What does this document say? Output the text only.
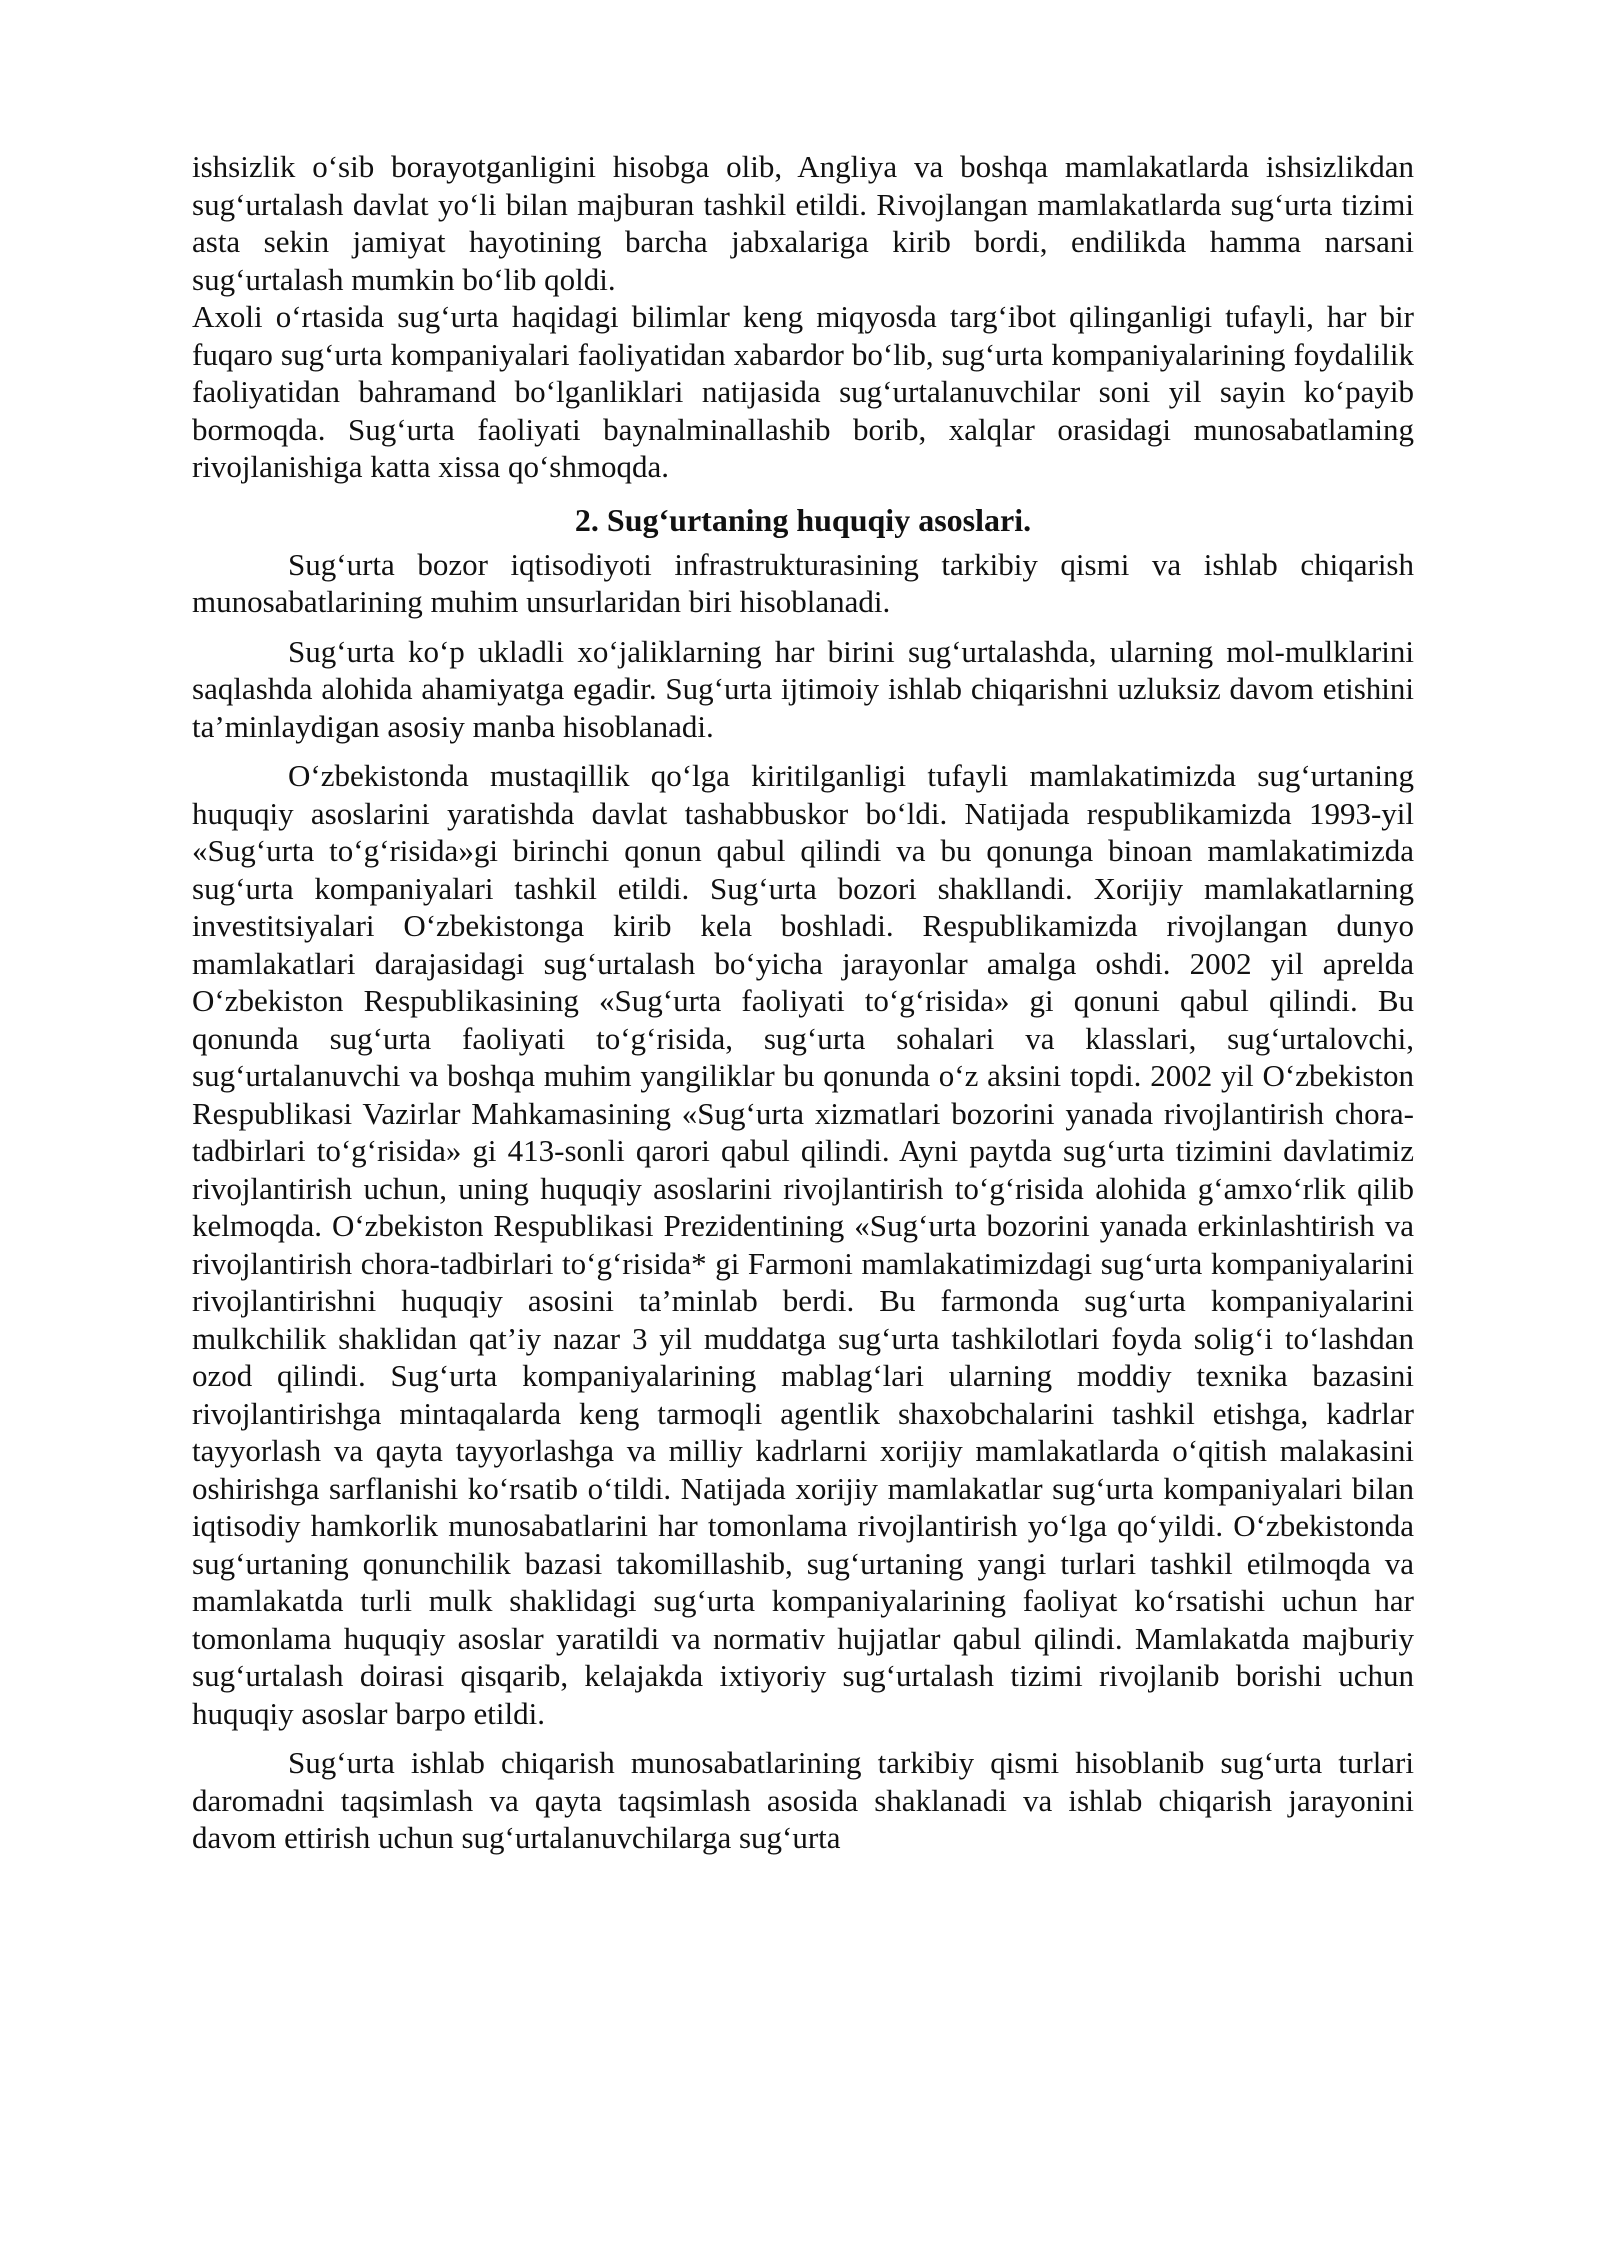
ishsizlik o‘sib borayotganligini hisobga olib, Angliya va boshqa mamlakatlarda ishsizlikdan sug‘urtalash davlat yo‘li bilan majburan tashkil etildi. Rivojlangan mamlakatlarda sug‘urta tizimi asta sekin jamiyat hayotining barcha jabxalariga kirib bordi, endilikda hamma narsani sug‘urtalash mumkin bo‘lib qoldi.

Axoli o‘rtasida sug‘urta haqidagi bilimlar keng miqyosda targ‘ibot qilinganligi tufayli, har bir fuqaro sug‘urta kompaniyalari faoliyatidan xabardor bo‘lib, sug‘urta kompaniyalarining foydalilik faoliyatidan bahramand bo‘lganliklari natijasida sug‘urtalanuvchilar soni yil sayin ko‘payib bormoqda. Sug‘urta faoliyati baynalminallashib borib, xalqlar orasidagi munosabatlaming rivojlanishiga katta xissa qo‘shmoqda.

2. Sug‘urtaning huquqiy asoslari.

Sug‘urta bozor iqtisodiyoti infrastrukturasining tarkibiy qismi va ishlab chiqarish munosabatlarining muhim unsurlaridan biri hisoblanadi.

Sug‘urta ko‘p ukladli xo‘jaliklarning har birini sug‘urtalashda, ularning mol-mulklarini saqlashda alohida ahamiyatga egadir. Sug‘urta ijtimoiy ishlab chiqarishni uzluksiz davom etishini ta’minlaydigan asosiy manba hisoblanadi.

O‘zbekistonda mustaqillik qo‘lga kiritilganligi tufayli mamlakatimizda sug‘urtaning huquqiy asoslarini yaratishda davlat tashabbuskor bo‘ldi. Natijada respublikamizda 1993-yil «Sug‘urta to‘g‘risida»gi birinchi qonun qabul qilindi va bu qonunga binoan mamlakatimizda sug‘urta kompaniyalari tashkil etildi. Sug‘urta bozori shakllandi. Xorijiy mamlakatlarning investitsiyalari O‘zbekistonga kirib kela boshladi. Respublikamizda rivojlangan dunyo mamlakatlari darajasidagi sug‘urtalash bo‘yicha jarayonlar amalga oshdi. 2002 yil aprelda O‘zbekiston Respublikasining «Sug‘urta faoliyati to‘g‘risida» gi qonuni qabul qilindi. Bu qonunda sug‘urta faoliyati to‘g‘risida, sug‘urta sohalari va klasslari, sug‘urtalovchi, sug‘urtalanuvchi va boshqa muhim yangiliklar bu qonunda o‘z aksini topdi. 2002 yil O‘zbekiston Respublikasi Vazirlar Mahkamasining «Sug‘urta xizmatlari bozorini yanada rivojlantirish chora-tadbirlari to‘g‘risida» gi 413-sonli qarori qabul qilindi. Ayni paytda sug‘urta tizimini davlatimiz rivojlantirish uchun, uning huquqiy asoslarini rivojlantirish to‘g‘risida alohida g‘amxo‘rlik qilib kelmoqda. O‘zbekiston Respublikasi Prezidentining «Sug‘urta bozorini yanada erkinlashtirish va rivojlantirish chora-tadbirlari to‘g‘risida* gi Farmoni mamlakatimizdagi sug‘urta kompaniyalarini rivojlantirishni huquqiy asosini ta’minlab berdi. Bu farmonda sug‘urta kompaniyalarini mulkchilik shaklidan qat’iy nazar 3 yil muddatga sug‘urta tashkilotlari foyda solig‘i to‘lashdan ozod qilindi. Sug‘urta kompaniyalarining mablag‘lari ularning moddiy texnika bazasini rivojlantirishga mintaqalarda keng tarmoqli agentlik shaxobchalarini tashkil etishga, kadrlar tayyorlash va qayta tayyorlashga va milliy kadrlarni xorijiy mamlakatlarda o‘qitish malakasini oshirishga sarflanishi ko‘rsatib o‘tildi. Natijada xorijiy mamlakatlar sug‘urta kompaniyalari bilan iqtisodiy hamkorlik munosabatlarini har tomonlama rivojlantirish yo‘lga qo‘yildi. O‘zbekistonda sug‘urtaning qonunchilik bazasi takomillashib, sug‘urtaning yangi turlari tashkil etilmoqda va mamlakatda turli mulk shaklidagi sug‘urta kompaniyalarining faoliyat ko‘rsatishi uchun har tomonlama huquqiy asoslar yaratildi va normativ hujjatlar qabul qilindi. Mamlakatda majburiy sug‘urtalash doirasi qisqarib, kelajakda ixtiyoriy sug‘urtalash tizimi rivojlanib borishi uchun huquqiy asoslar barpo etildi.

Sug‘urta ishlab chiqarish munosabatlarining tarkibiy qismi hisoblanib sug‘urta turlari daromadni taqsimlash va qayta taqsimlash asosida shaklanadi va ishlab chiqarish jarayonini davom ettirish uchun sug‘urtalanuvchilarga sug‘urta
